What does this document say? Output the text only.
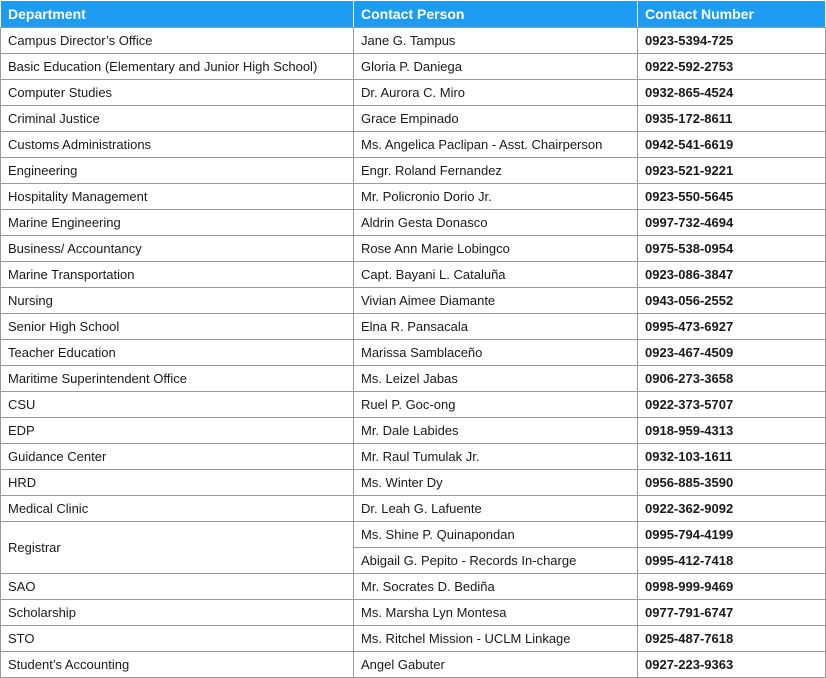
Department	Contact Person	Contact Number
Campus Director’s Office	Jane G. Tampus	0923-5394-725
Basic Education (Elementary and Junior High School)	Gloria P. Daniega	0922-592-2753
Computer Studies	Dr. Aurora C. Miro	0932-865-4524
Criminal Justice	Grace Empinado	0935-172-8611
Customs Administrations	Ms. Angelica Paclipan - Asst. Chairperson	0942-541-6619
Engineering	Engr. Roland Fernandez	0923-521-9221
Hospitality Management	Mr. Policronio Dorio Jr.	0923-550-5645
Marine Engineering	Aldrin Gesta Donasco	0997-732-4694
Business/ Accountancy	Rose Ann Marie Lobingco	0975-538-0954
Marine Transportation	Capt. Bayani L. Cataluña	0923-086-3847
Nursing	Vivian Aimee Diamante	0943-056-2552
Senior High School	Elna R. Pansacala	0995-473-6927
Teacher Education	Marissa Samblaceño	0923-467-4509
Maritime Superintendent Office	Ms. Leizel Jabas	0906-273-3658
CSU	Ruel P. Goc-ong	0922-373-5707
EDP	Mr. Dale Labides	0918-959-4313
Guidance Center	Mr. Raul Tumulak Jr.	0932-103-1611
HRD	Ms. Winter Dy	0956-885-3590
Medical Clinic	Dr. Leah G. Lafuente	0922-362-9092
Registrar	Ms. Shine P. Quinapondan	0995-794-4199
	Abigail G. Pepito - Records In-charge	0995-412-7418
SAO	Mr. Socrates D. Bediña	0998-999-9469
Scholarship	Ms. Marsha Lyn Montesa	0977-791-6747
STO	Ms. Ritchel Mission - UCLM Linkage	0925-487-7618
Student’s Accounting	Angel Gabuter	0927-223-9363
